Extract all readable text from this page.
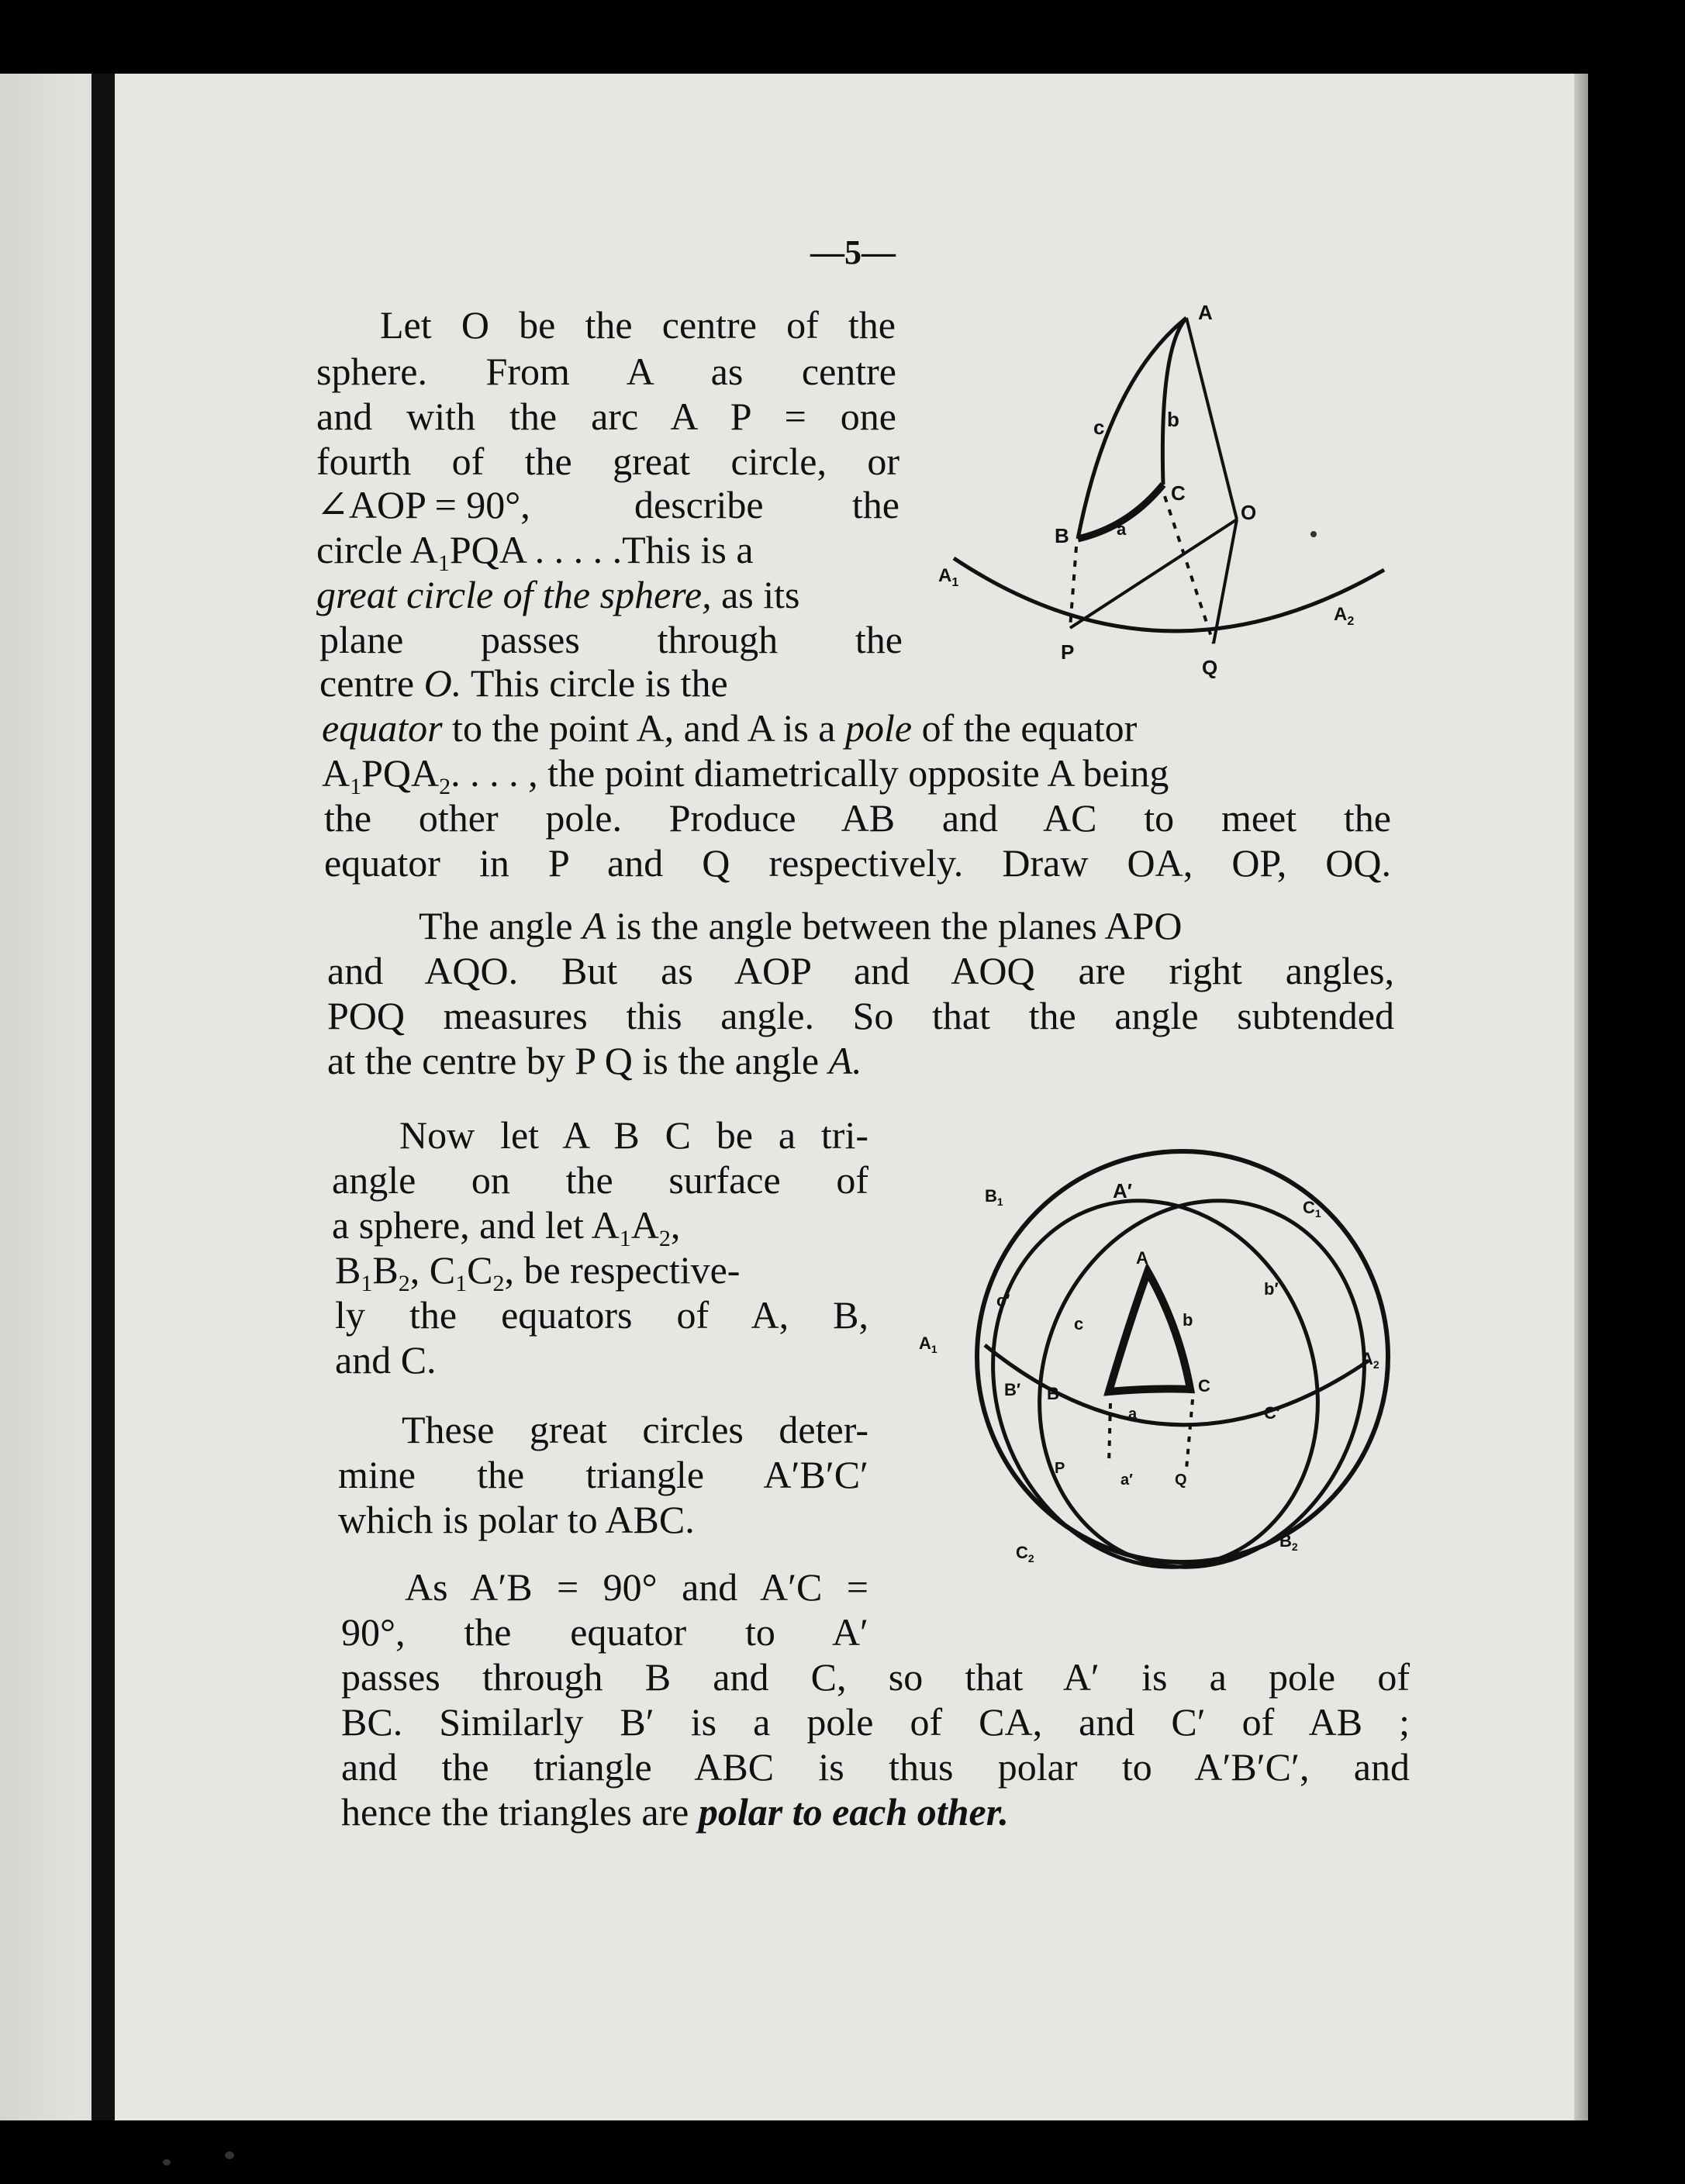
—5—
Let O be the centre of the
sphere. From A as centre
and with the arc A P = one
fourth of the great circle, or
∠AOP = 90°,	describe the
circle $A_1PQA$ . . . . .This is a
great circle of the sphere, as its
plane passes through the
centre O. This circle is the
equator to the point A, and A is a pole of the equator
$A_1PQA_2$. . . . , the point diametrically opposite A being
the other pole. Produce AB and AC to meet the
equator in P and Q respectively. Draw OA, OP, OQ.
The angle A is the angle between the planes APO
and AQO. But as AOP and AOQ are right angles,
POQ measures this angle. So that the angle subtended
at the centre by P Q is the angle A.
Now let A B C be a tri-
angle on the surface of
a sphere, and let $A_1A_2$,
$B_1B_2$, $C_1C_2$, be respective-
ly the equators of A, B,
and C.
These great circles deter-
mine the triangle A′B′C′
which is polar to ABC.
As A′B = 90° and A′C =
90°, the equator to A′
passes through B and C, so that A′ is a pole of
BC. Similarly B′ is a pole of CA, and C′ of AB ;
and the triangle ABC is thus polar to A′B′C′, and
hence the triangles are polar to each other.
A
c	b
C
B	a
O
$A_1$
$A_2$
P
Q
$B_1$	A′
$C_1$
A
c′
b′
c	b
$A_1$	$A_2$
B′ B	C
C′
a
P
a′	Q
$C_2$
$B_2$
